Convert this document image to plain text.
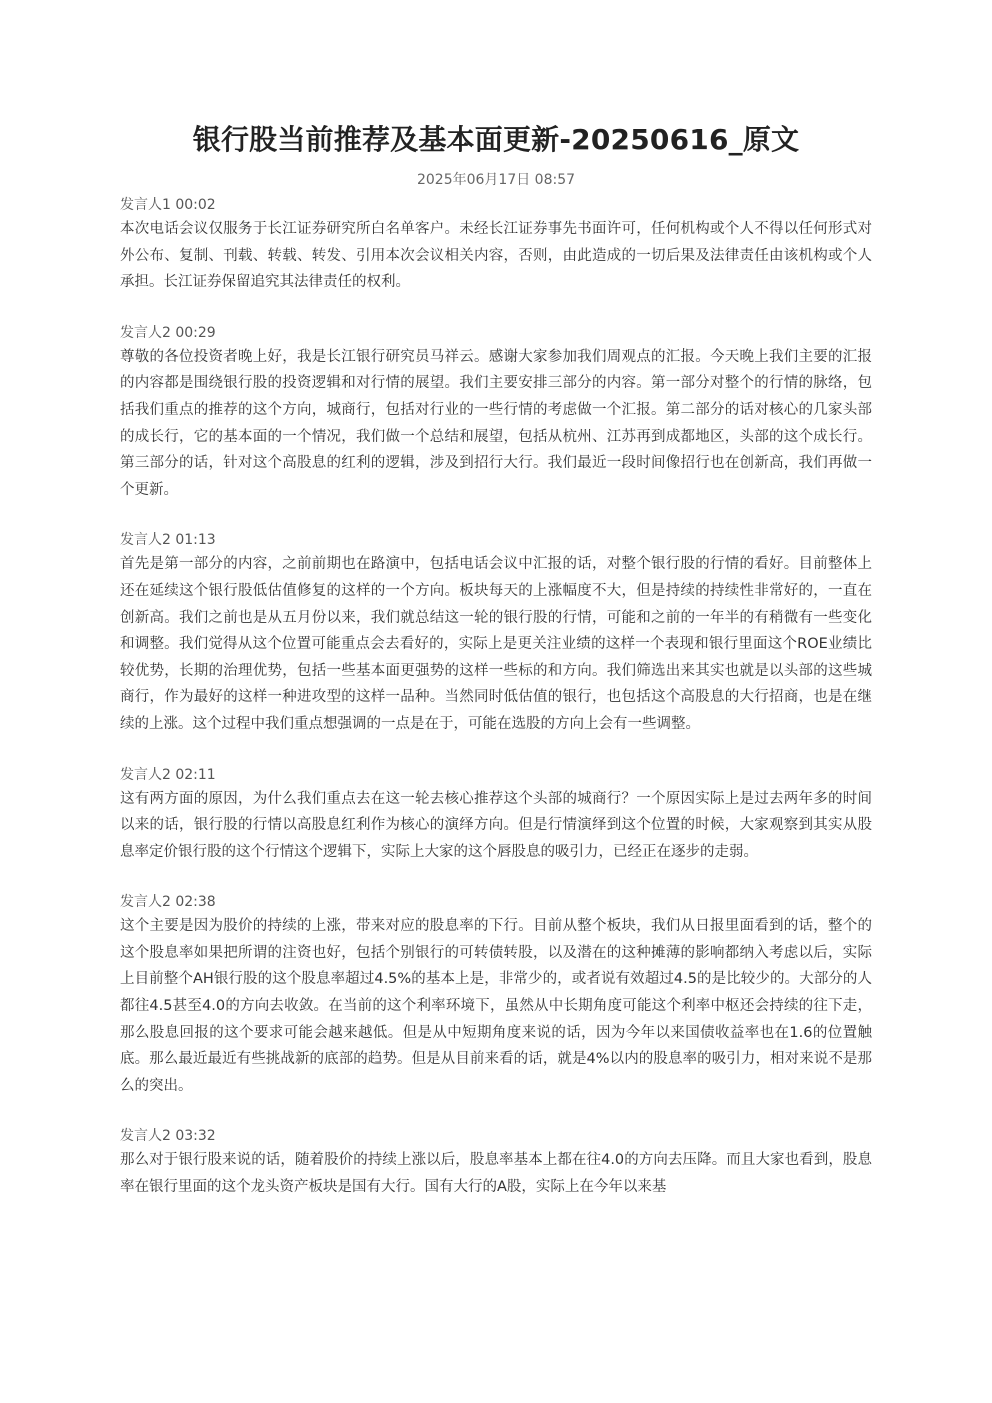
银行股当前推荐及基本面更新-20250616_原文
2025年06月17日 08:57
发言人1 00:02

本次电话会议仅服务于长江证券研究所白名单客户。未经长江证券事先书面许可，任何机构或个人不得以任何形式对外公布、复制、刊载、转载、转发、引用本次会议相关内容，否则，由此造成的一切后果及法律责任由该机构或个人承担。长江证券保留追究其法律责任的权利。

发言人2 00:29

尊敬的各位投资者晚上好，我是长江银行研究员马祥云。感谢大家参加我们周观点的汇报。今天晚上我们主要的汇报的内容都是围绕银行股的投资逻辑和对行情的展望。我们主要安排三部分的内容。第一部分对整个的行情的脉络，包括我们重点的推荐的这个方向，城商行，包括对行业的一些行情的考虑做一个汇报。第二部分的话对核心的几家头部的成长行，它的基本面的一个情况，我们做一个总结和展望，包括从杭州、江苏再到成都地区，头部的这个成长行。第三部分的话，针对这个高股息的红利的逻辑，涉及到招行大行。我们最近一段时间像招行也在创新高，我们再做一个更新。

发言人2 01:13

首先是第一部分的内容，之前前期也在路演中，包括电话会议中汇报的话，对整个银行股的行情的看好。目前整体上还在延续这个银行股低估值修复的这样的一个方向。板块每天的上涨幅度不大，但是持续的持续性非常好的，一直在创新高。我们之前也是从五月份以来，我们就总结这一轮的银行股的行情，可能和之前的一年半的有稍微有一些变化和调整。我们觉得从这个位置可能重点会去看好的，实际上是更关注业绩的这样一个表现和银行里面这个ROE业绩比较优势，长期的治理优势，包括一些基本面更强势的这样一些标的和方向。我们筛选出来其实也就是以头部的这些城商行，作为最好的这样一种进攻型的这样一品种。当然同时低估值的银行，也包括这个高股息的大行招商，也是在继续的上涨。这个过程中我们重点想强调的一点是在于，可能在选股的方向上会有一些调整。

发言人2 02:11

这有两方面的原因，为什么我们重点去在这一轮去核心推荐这个头部的城商行？一个原因实际上是过去两年多的时间以来的话，银行股的行情以高股息红利作为核心的演绎方向。但是行情演绎到这个位置的时候，大家观察到其实从股息率定价银行股的这个行情这个逻辑下，实际上大家的这个唇股息的吸引力，已经正在逐步的走弱。

发言人2 02:38

这个主要是因为股价的持续的上涨，带来对应的股息率的下行。目前从整个板块，我们从日报里面看到的话，整个的这个股息率如果把所谓的注资也好，包括个别银行的可转债转股，以及潜在的这种摊薄的影响都纳入考虑以后，实际上目前整个AH银行股的这个股息率超过4.5%的基本上是，非常少的，或者说有效超过4.5的是比较少的。大部分的人都往4.5甚至4.0的方向去收敛。在当前的这个利率环境下，虽然从中长期角度可能这个利率中枢还会持续的往下走，那么股息回报的这个要求可能会越来越低。但是从中短期角度来说的话，因为今年以来国债收益率也在1.6的位置触底。那么最近最近有些挑战新的底部的趋势。但是从目前来看的话，就是4%以内的股息率的吸引力，相对来说不是那么的突出。

发言人2 03:32

那么对于银行股来说的话，随着股价的持续上涨以后，股息率基本上都在往4.0的方向去压降。而且大家也看到，股息率在银行里面的这个龙头资产板块是国有大行。国有大行的A股，实际上在今年以来基
